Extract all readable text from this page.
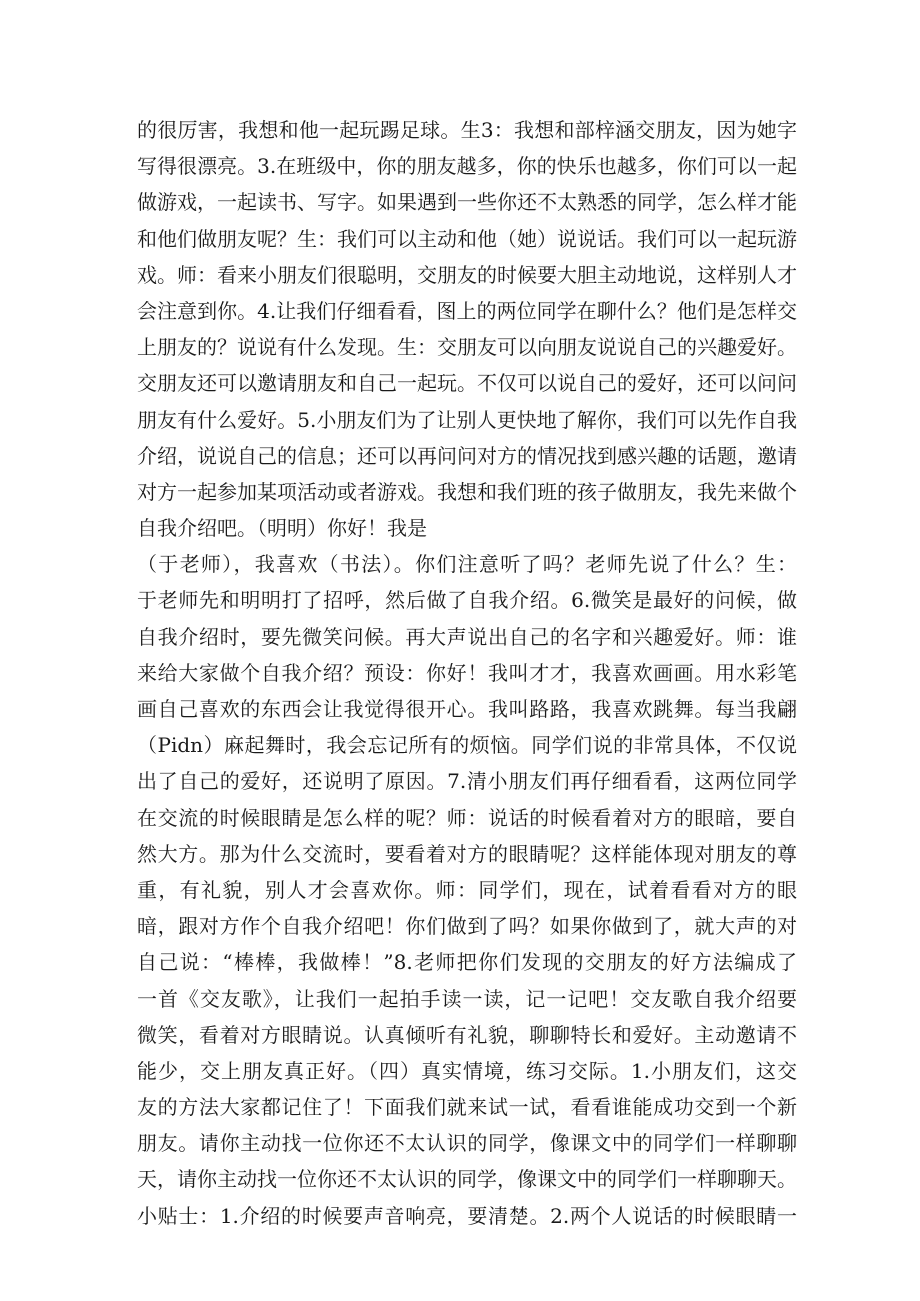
的很厉害，我想和他一起玩踢足球。生3：我想和部梓涵交朋友，因为她字
写得很漂亮。3.在班级中，你的朋友越多，你的快乐也越多，你们可以一起
做游戏，一起读书、写字。如果遇到一些你还不太熟悉的同学，怎么样才能
和他们做朋友呢？生：我们可以主动和他（她）说说话。我们可以一起玩游
戏。师：看来小朋友们很聪明，交朋友的时候要大胆主动地说，这样别人才
会注意到你。4.让我们仔细看看，图上的两位同学在聊什么？他们是怎样交
上朋友的？说说有什么发现。生：交朋友可以向朋友说说自己的兴趣爱好。
交朋友还可以邀请朋友和自己一起玩。不仅可以说自己的爱好，还可以问问
朋友有什么爱好。5.小朋友们为了让别人更快地了解你，我们可以先作自我
介绍，说说自己的信息；还可以再问问对方的情况找到感兴趣的话题，邀请
对方一起参加某项活动或者游戏。我想和我们班的孩子做朋友，我先来做个
自我介绍吧。（明明）你好！我是
（于老师），我喜欢（书法）。你们注意听了吗？老师先说了什么？生：
于老师先和明明打了招呼，然后做了自我介绍。6.微笑是最好的问候，做
自我介绍时，要先微笑问候。再大声说出自己的名字和兴趣爱好。师：谁
来给大家做个自我介绍？预设：你好！我叫才才，我喜欢画画。用水彩笔
画自己喜欢的东西会让我觉得很开心。我叫路路，我喜欢跳舞。每当我翩
（Pidn）麻起舞时，我会忘记所有的烦恼。同学们说的非常具体，不仅说
出了自己的爱好，还说明了原因。7.清小朋友们再仔细看看，这两位同学
在交流的时候眼睛是怎么样的呢？师：说话的时候看着对方的眼暗，要自
然大方。那为什么交流时，要看着对方的眼睛呢？这样能体现对朋友的尊
重，有礼貌，别人才会喜欢你。师：同学们，现在，试着看看对方的眼
暗，跟对方作个自我介绍吧！你们做到了吗？如果你做到了，就大声的对
自己说：“棒棒，我做棒！”8.老师把你们发现的交朋友的好方法编成了
一首《交友歌》，让我们一起拍手读一读，记一记吧！交友歌自我介绍要
微笑，看着对方眼睛说。认真倾听有礼貌，聊聊特长和爱好。主动邀请不
能少，交上朋友真正好。（四）真实情境，练习交际。1.小朋友们，这交
友的方法大家都记住了！下面我们就来试一试，看看谁能成功交到一个新
朋友。请你主动找一位你还不太认识的同学，像课文中的同学们一样聊聊
天，请你主动找一位你还不太认识的同学，像课文中的同学们一样聊聊天。
小贴士：1.介绍的时候要声音响亮，要清楚。2.两个人说话的时候眼睛一
